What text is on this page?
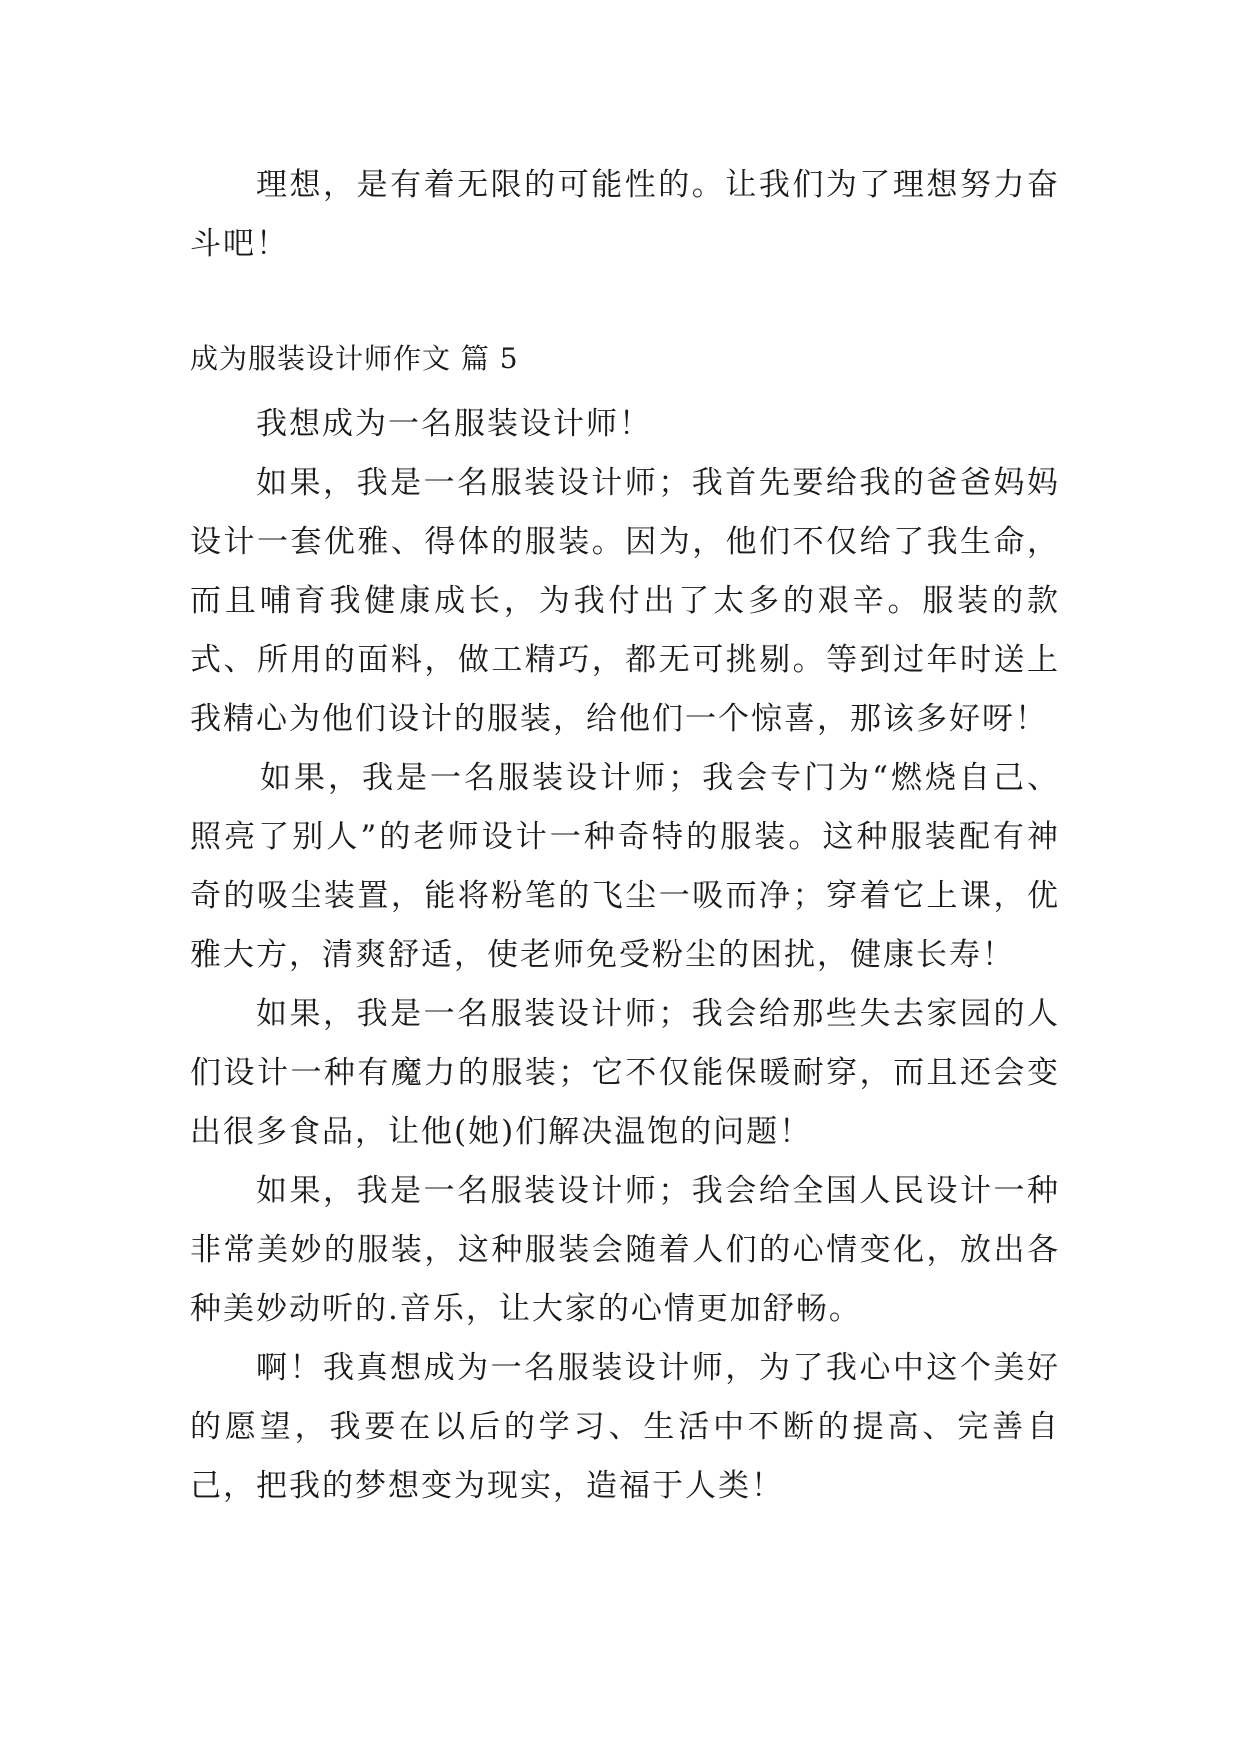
理想，是有着无限的可能性的。让我们为了理想努力奋斗吧！

成为服装设计师作文 篇 5

我想成为一名服装设计师！

如果，我是一名服装设计师；我首先要给我的爸爸妈妈设计一套优雅、得体的服装。因为，他们不仅给了我生命，而且哺育我健康成长，为我付出了太多的艰辛。服装的款式、所用的面料，做工精巧，都无可挑剔。等到过年时送上我精心为他们设计的服装，给他们一个惊喜，那该多好呀！

如果，我是一名服装设计师；我会专门为“燃烧自己、照亮了别人”的老师设计一种奇特的服装。这种服装配有神奇的吸尘装置，能将粉笔的飞尘一吸而净；穿着它上课，优雅大方，清爽舒适，使老师免受粉尘的困扰，健康长寿！

如果，我是一名服装设计师；我会给那些失去家园的人们设计一种有魔力的服装；它不仅能保暖耐穿，而且还会变出很多食品，让他(她)们解决温饱的问题！

如果，我是一名服装设计师；我会给全国人民设计一种非常美妙的服装，这种服装会随着人们的心情变化，放出各种美妙动听的.音乐，让大家的心情更加舒畅。

啊！我真想成为一名服装设计师，为了我心中这个美好的愿望，我要在以后的学习、生活中不断的提高、完善自己，把我的梦想变为现实，造福于人类！
